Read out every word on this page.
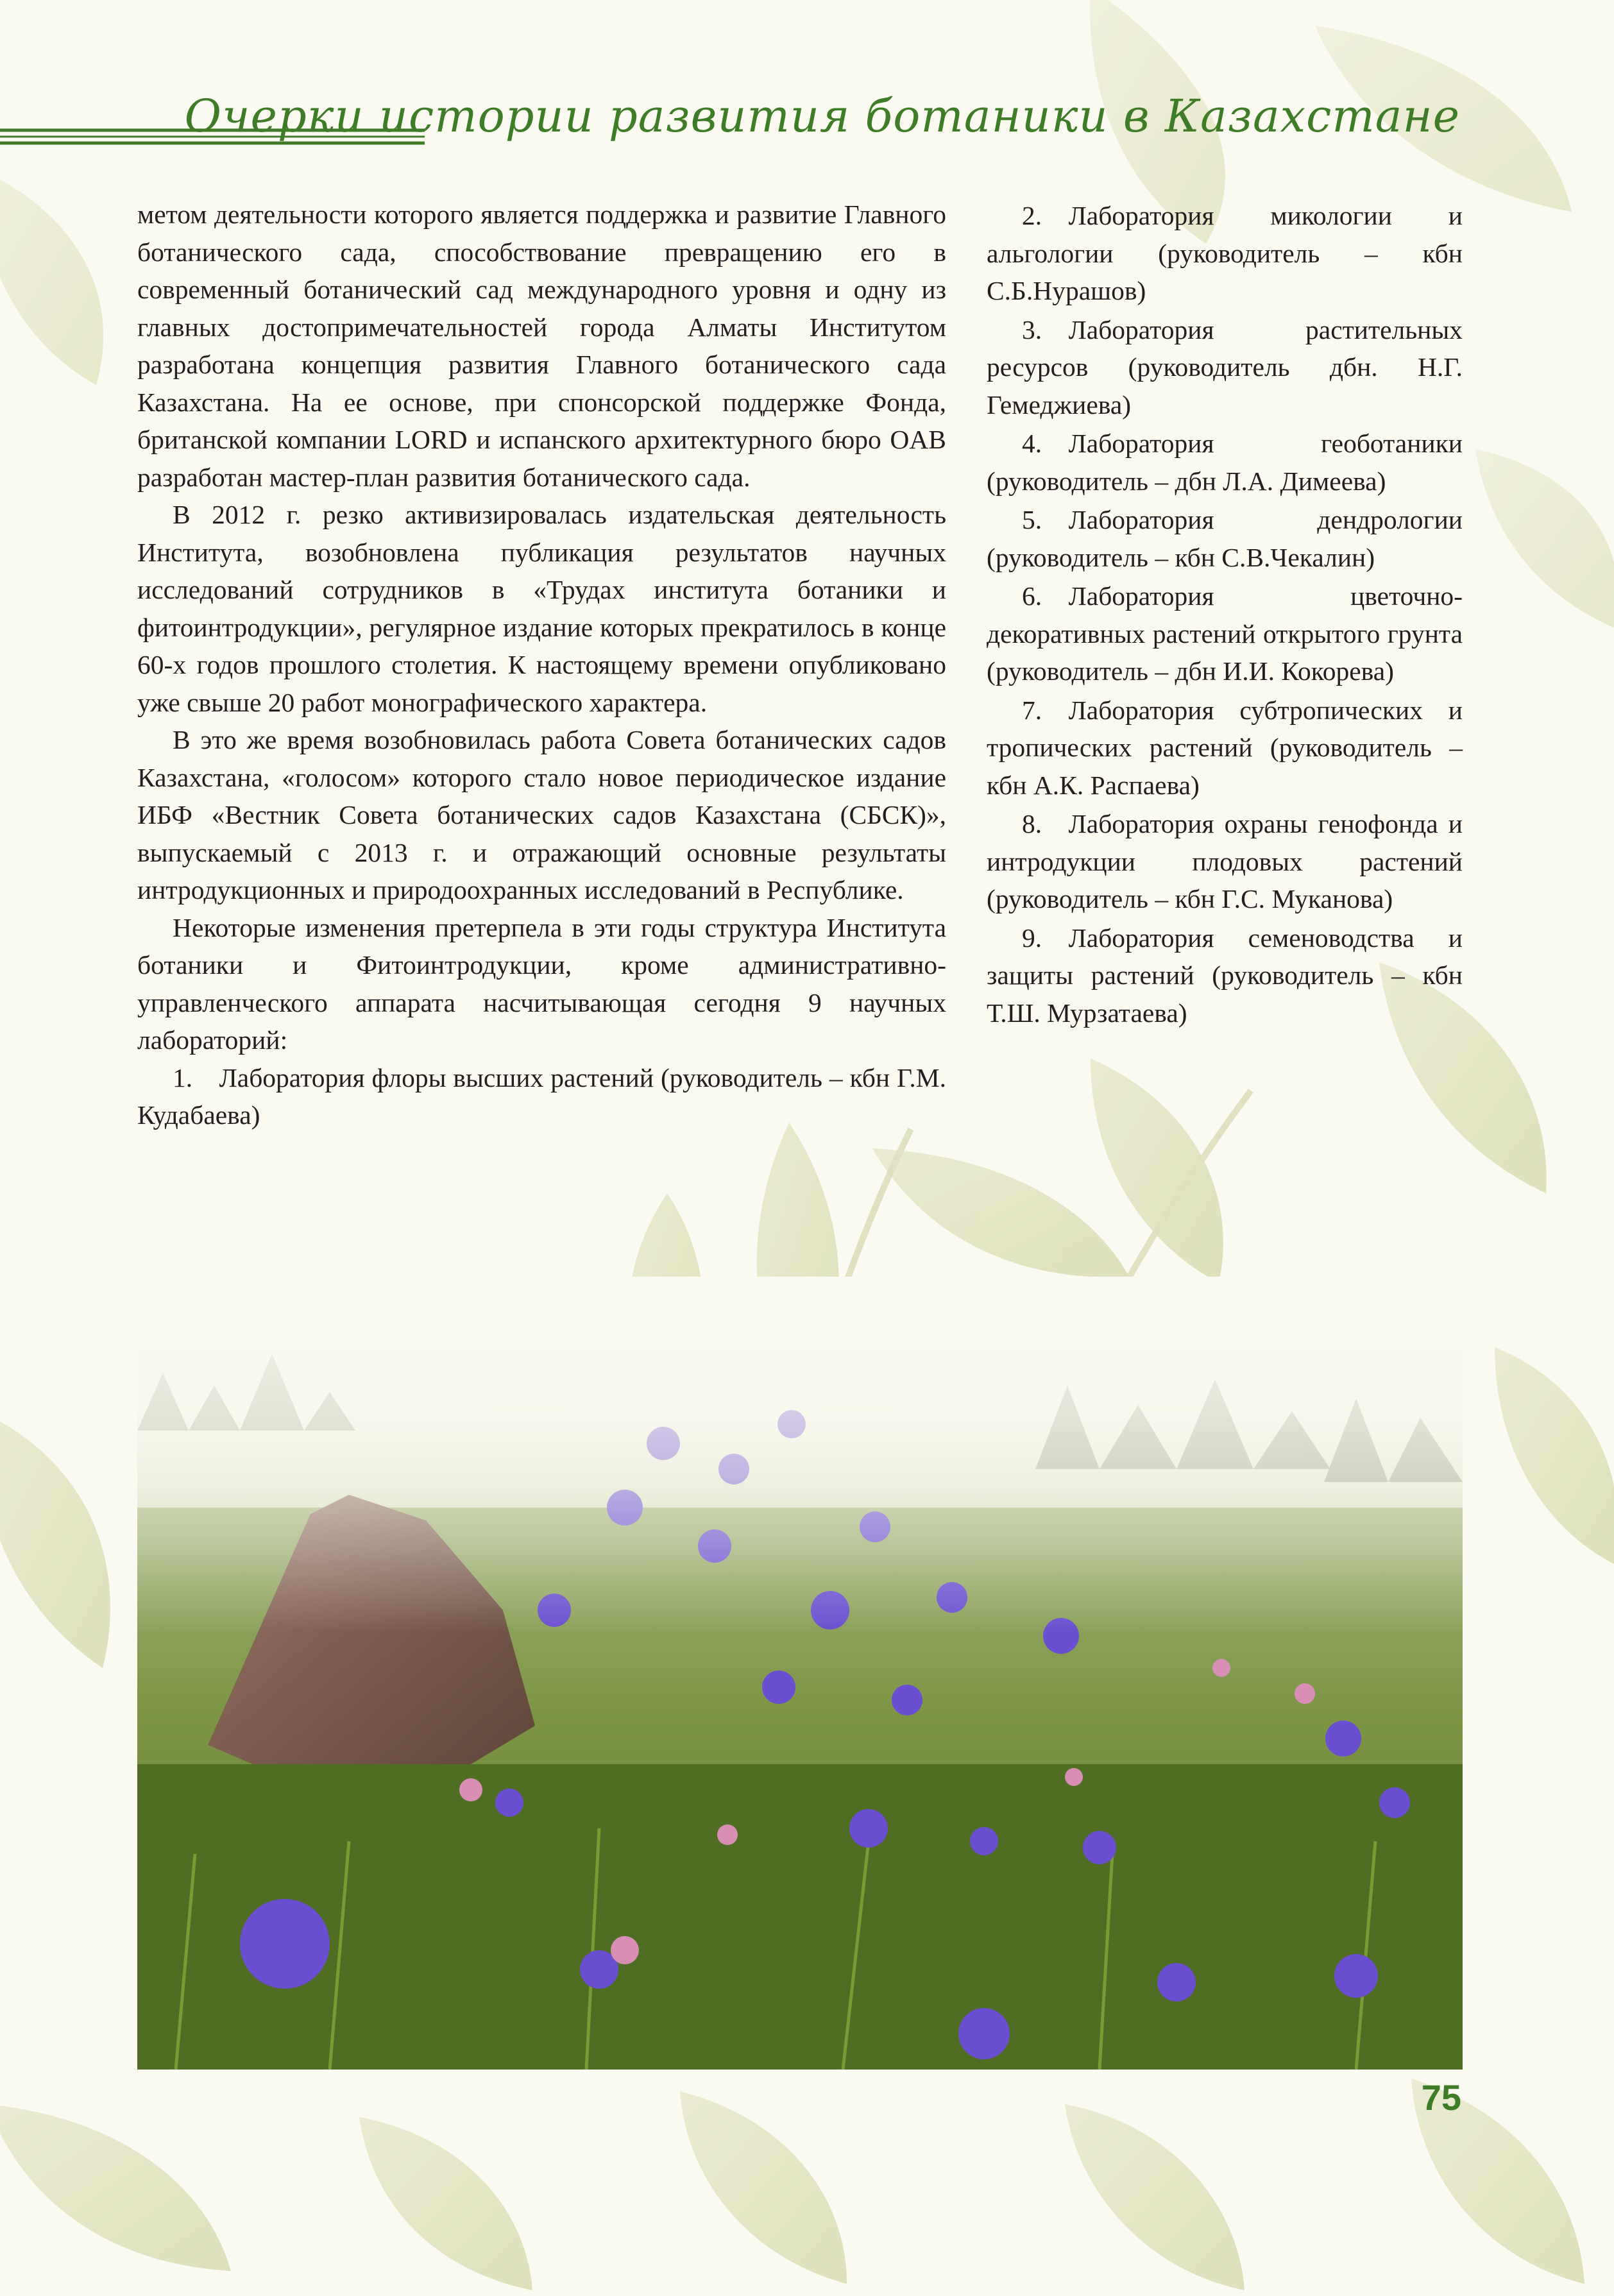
Очерки истории развития ботаники в Казахстане

метом деятельности которого является поддержка и развитие Главного ботанического сада, способствование превращению его в современный ботанический сад международного уровня и одну из главных достопримечательностей города Алматы Институтом разработана концепция развития Главного ботанического сада Казахстана. На ее основе, при спонсорской поддержке Фонда, британской компании LORD и испанского архитектурного бюро OAB разработан мастер-план развития ботанического сада.

В 2012 г. резко активизировалась издательская деятельность Института, возобновлена публикация результатов научных исследований сотрудников в «Трудах института ботаники и фитоинтродукции», регулярное издание которых прекратилось в конце 60-х годов прошлого столетия. К настоящему времени опубликовано уже свыше 20 работ монографического характера.

В это же время возобновилась работа Совета ботанических садов Казахстана, «голосом» которого стало новое периодическое издание ИБФ «Вестник Совета ботанических садов Казахстана (СБСК)», выпускаемый с 2013 г. и отражающий основные результаты интродукционных и природоохранных исследований в Республике.

Некоторые изменения претерпела в эти годы структура Института ботаники и Фитоинтродукции, кроме административно-управленческого аппарата насчитывающая сегодня 9 научных лабораторий:

1. Лаборатория флоры высших растений (руководитель – кбн Г.М. Кудабаева)

2. Лаборатория микологии и альгологии (руководитель – кбн С.Б.Нурашов)

3. Лаборатория растительных ресурсов (руководитель дбн. Н.Г. Гемеджиева)

4. Лаборатория геоботаники (руководитель – дбн Л.А. Димеева)

5. Лаборатория дендрологии (руководитель – кбн С.В.Чекалин)

6. Лаборатория цветочно-декоративных растений открытого грунта (руководитель – дбн И.И. Кокорева)

7. Лаборатория субтропических и тропических растений (руководитель – кбн А.К. Распаева)

8. Лаборатория охраны генофонда и интродукции плодовых растений (руководитель – кбн Г.С. Муканова)

9. Лаборатория семеноводства и защиты растений (руководитель – кбн Т.Ш. Мурзатаева)

75
